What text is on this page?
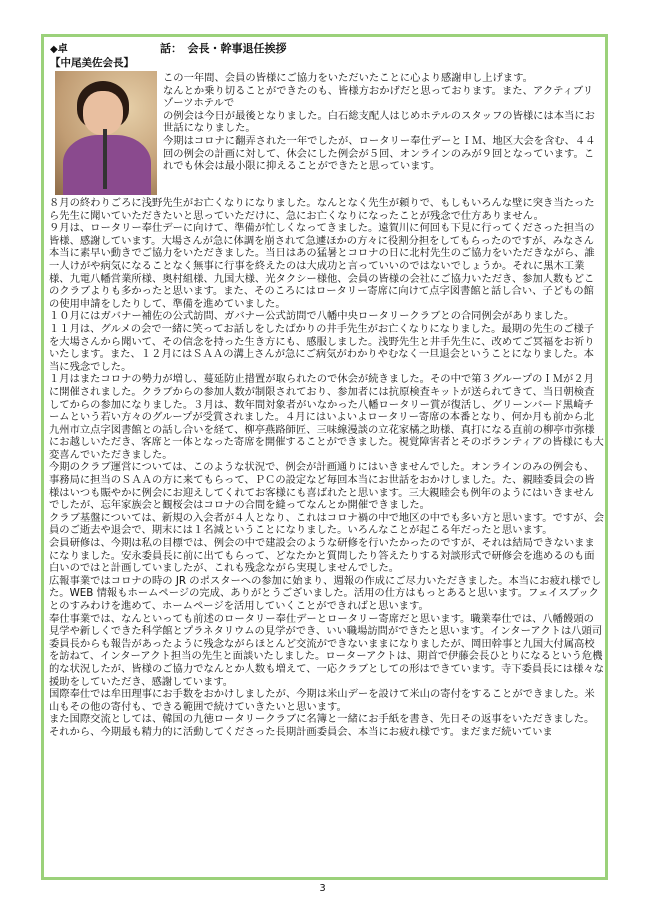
◆卓	話：　会長・幹事退任挨拶
【中尾美佐会長】

この一年間、会員の皆様にご協力をいただいたことに心より感謝申し上げます。

なんとか乗り切ることができたのも、皆様方おかげだと思っております。また、アクティブリゾーツホテルで

の例会は今日が最後となりました。白石総支配人はじめホテルのスタッフの皆様には本当にお世話になりました。

今期はコロナに翻弄された一年でしたが、ロータリー奉仕デーとＩＭ、地区大会を含む、４４回の例会の計画に対して、休会にした例会が５回、オンラインのみが９回となっています。これでも休会は最小限に抑えることができたと思っています。

８月の終わりごろに浅野先生がお亡くなりになりました。なんとなく先生が頼りで、もしもいろんな壁に突き当たったら先生に聞いていただきたいと思っていただけに、急にお亡くなりになったことが残念で仕方ありません。

９月は、ロータリー奉仕デーに向けて、準備が忙しくなってきました。遠賀川に何回も下見に行ってくださった担当の皆様、感謝しています。大場さんが急に体調を崩されて急遽ほかの方々に役割分担をしてもらったのですが、みなさん本当に素早い動きでご協力をいただきました。当日はあの猛暑とコロナの日に北村先生のご協力をいただきながら、誰一人けがや病気になることなく無事に行事を終えたのは大成功と言っていいのではないでしょうか。それに黒木工業様、九電八幡営業所様、奥村組様、九国大様、光タクシー様他、会員の皆様の会社にご協力いただき、参加人数もどこのクラブよりも多かったと思います。また、そのころにはロータリー寄席に向けて点字図書館と話し合い、子どもの館の使用申請をしたりして、準備を進めていました。

１０月にはガバナー補佐の公式訪問、ガバナー公式訪問で八幡中央ロータリークラブとの合同例会がありました。

１１月は、グルメの会で一緒に笑ってお話しをしたばかりの井手先生がお亡くなりになりました。最期の先生のご様子を大場さんから聞いて、その信念を持った生き方にも、感服しました。浅野先生と井手先生に、改めてご冥福をお祈りいたします。また、１２月にはＳＡＡの溝上さんが急にご病気がわかりやむなく一旦退会ということになりました。本当に残念でした。

１月はまたコロナの勢力が増し、蔓延防止措置が取られたので休会が続きました。その中で第３グループのＩＭが２月に開催されました。クラブからの参加人数が制限されており、参加者には抗原検査キットが送られてきて、当日朝検査してからの参加になりました。３月は、数年間対象者がいなかった八幡ロータリー賞が復活し、グリーンバード黒崎チームという若い方々のグループが受賞されました。４月にはいよいよロータリー寄席の本番となり、何か月も前から北九州市立点字図書館との話し合いを経て、柳亭燕路師匠、三味線漫談の立花家橘之助様、真打になる直前の柳亭市弥様にお越しいただき、客席と一体となった寄席を開催することができました。視覚障害者とそのボランティアの皆様にも大変喜んでいただきました。

今期のクラブ運営については、このような状況で、例会が計画通りにはいきませんでした。オンラインのみの例会も、事務局に担当のＳＡＡの方に来てもらって、ＰＣの設定など毎回本当にお世話をおかけしました。た、親睦委員会の皆様はいつも賑やかに例会にお迎えしてくれてお客様にも喜ばれたと思います。三大親睦会も例年のようにはいきませんでしたが、忘年家族会と観桜会はコロナの合間を縫ってなんとか開催できました。

クラブ基盤については、新規の入会者が４人となり、これはコロナ禍の中で地区の中でも多い方と思います。ですが、会員のご逝去や退会で、期末には１名減ということになりました。いろんなことが起こる年だったと思います。

会員研修は、今期は私の目標では、例会の中で建設会のような研修を行いたかったのですが、それは結局できないままになりました。安永委員長に前に出てもらって、どなたかと質問したり答えたりする対談形式で研修会を進めるのも面白いのではと計画していましたが、これも残念ながら実現しませんでした。

広報事業ではコロナの時の JR のポスターへの参加に始まり、週報の作成にご尽力いただきました。本当にお疲れ様でした。WEB 情報もホームページの完成、ありがとうございました。活用の仕方はもっとあると思います。フェイスブックとのすみわけを進めて、ホームページを活用していくことができればと思います。

奉仕事業では、なんといっても前述のロータリー奉仕デーとロータリー寄席だと思います。職業奉仕では、八幡饅頭の見学や新しくできた科学館とプラネタリウムの見学ができ、いい職場訪問ができたと思います。インターアクトは八頭司委員長からも報告があったように残念ながらほとんど交流ができないままになりましたが、岡田幹事と九国大付属高校を訪ねて、インターアクト担当の先生と面談いたしました。ローターアクトは、期首で伊藤会長ひとりになるという危機的な状況したが、皆様のご協力でなんとか人数も増えて、一応クラブとしての形はできています。寺下委員長には様々な援助をしていただき、感謝しています。

国際奉仕では牟田理事にお手数をおかけしましたが、今期は米山デーを設けて米山の寄付をすることができました。米山もその他の寄付も、できる範囲で続けていきたいと思います。

また国際交流としては、韓国の九徳ロータリークラブに名簿と一緒にお手紙を書き、先日その返事をいただきました。

それから、今期最も精力的に活動してくださった長期計画委員会、本当にお疲れ様です。まだまだ続いていま

3
